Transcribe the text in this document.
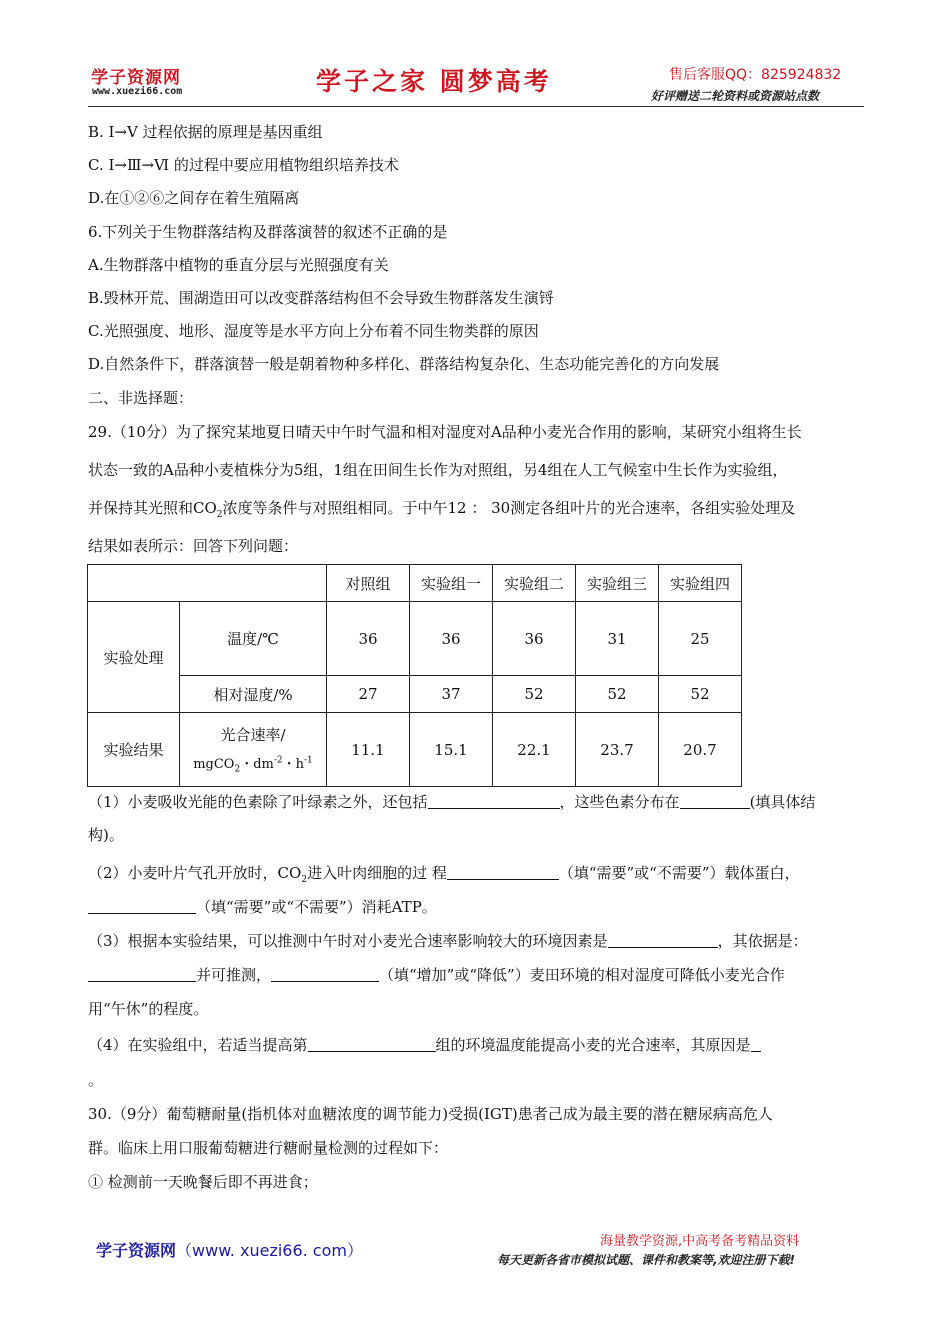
学子资源网
www.xuezi66.com	学子之家 圆梦高考	售后客服QQ：825924832
好评赠送二轮资料或资源站点数
B. Ⅰ→Ⅴ 过程依据的原理是基因重组
C. Ⅰ→Ⅲ→Ⅵ 的过程中要应用植物组织培养技术
D.在①②⑥之间存在着生殖隔离
6.下列关于生物群落结构及群落演替的叙述不正确的是
A.生物群落中植物的垂直分层与光照强度有关
B.毁林开荒、围湖造田可以改变群落结构但不会导致生物群落发生演锊
C.光照强度、地形、湿度等是水平方向上分布着不同生物类群的原因
D.自然条件下，群落演替一般是朝着物种多样化、群落结构复杂化、生态功能完善化的方向发展
二、非选择题：
29.（10分）为了探究某地夏日晴天中午时气温和相对湿度对A品种小麦光合作用的影响，某研究小组将生长
状态一致的A品种小麦植株分为5组，1组在田间生长作为对照组，另4组在人工气候室中生长作为实验组，
并保持其光照和$CO_2$浓度等条件与对照组相同。于中午12 ： 30测定各组叶片的光合速率，各组实验处理及
结果如表所示：回答下列问题：
		对照组	实验组一	实验组二	实验组三	实验组四
实验处理	温度/℃	36	36	36	31	25
	相对湿度/%	27	37	52	52	52
实验结果	光合速率/
mgCO$_2$・$dm^{-2}$・$h^{-1}$	11.1	15.1	22.1	23.7	20.7
（1）小麦吸收光能的色素除了叶绿素之外，还包括	，这些色素分布在	(填具体结
构)。
（2）小麦叶片气孔开放时，$CO_2$进入叶肉细胞的过 程	（填“需要”或“不需要”）载体蛋白，
（填“需要”或“不需要”）消耗ATP。
（3）根据本实验结果，可以推测中午时对小麦光合速率影响较大的环境因素是	，其依据是：
并可推测，	（填“增加”或“降低”）麦田环境的相对湿度可降低小麦光合作
用“午休”的程度。
（4）在实验组中，若适当提高第	组的环境温度能提高小麦的光合速率，其原因是
。
30.（9分）葡萄糖耐量(指机体对血糖浓度的调节能力)受损(IGT)患者己成为最主要的潜在糖尿病高危人
群。临床上用口服葡萄糖进行糖耐量检测的过程如下：
① 检测前一天晚餐后即不再进食；
学子资源网（www. xuezi66. com）	海量教学资源,中高考备考精品资料
每天更新各省市模拟试题、课件和教案等,欢迎注册下载!
